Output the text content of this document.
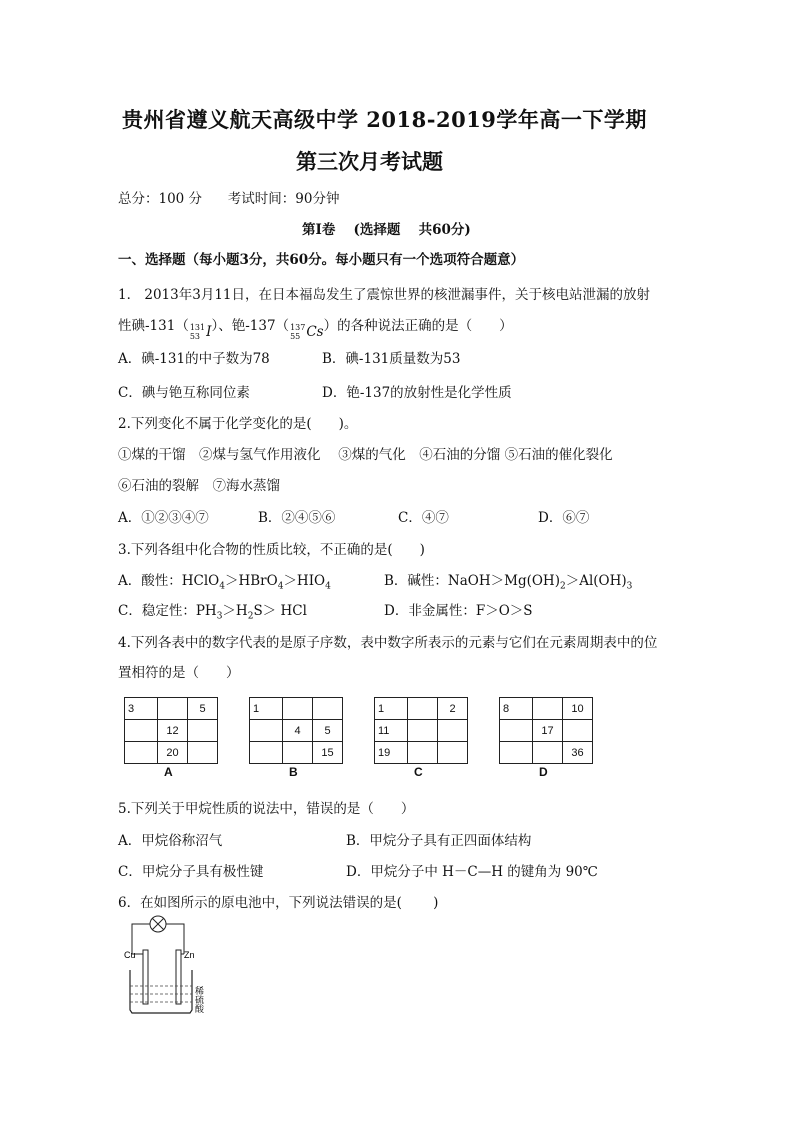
贵州省遵义航天高级中学 2018-2019学年高一下学期
第三次月考试题
总分：100 分 考试时间：90分钟
第Ⅰ卷　 (选择题　 共60分)
一、选择题（每小题3分，共60分。每小题只有一个选项符合题意）
1． 2013年3月11日，在日本福岛发生了震惊世界的核泄漏事件，关于核电站泄漏的放射
性碘-131（ 131
53 I ）、铯-137（ 137
55 Cs ）的各种说法正确的是（　　）
A．碘-131的中子数为78	B．碘-131质量数为53
C．碘与铯互称同位素	D．铯-137的放射性是化学性质
2.下列变化不属于化学变化的是(　　)。
①煤的干馏　②煤与氢气作用液化　 ③煤的气化　④石油的分馏 ⑤石油的催化裂化
⑥石油的裂解　⑦海水蒸馏
A．①②③④⑦	B．②④⑤⑥	C．④⑦	D．⑥⑦
3.下列各组中化合物的性质比较，不正确的是(　　)
A．酸性：$HClO_4>HBrO_4>HIO_4$	B．碱性：$NaOH>Mg(OH)_2>Al(OH)_3$
C．稳定性：$PH_3>H_2S>$ HCl	D．非金属性：F＞O＞S
4.下列各表中的数字代表的是原子序数，表中数字所表示的元素与它们在元素周期表中的位
置相符的是（　　）
3		5
	12	
	20	
A
1		
	4	5
		15
B
1		2
11		
19		
C
8		10
	17	
		36
D
5.下列关于甲烷性质的说法中，错误的是（　　）
A．甲烷俗称沼气	B．甲烷分子具有正四面体结构
C．甲烷分子具有极性键	D．甲烷分子中 H－C—H 的键角为 90℃
6．在如图所示的原电池中，下列说法错误的是(　　 )
Cu	Zn
稀硫酸
